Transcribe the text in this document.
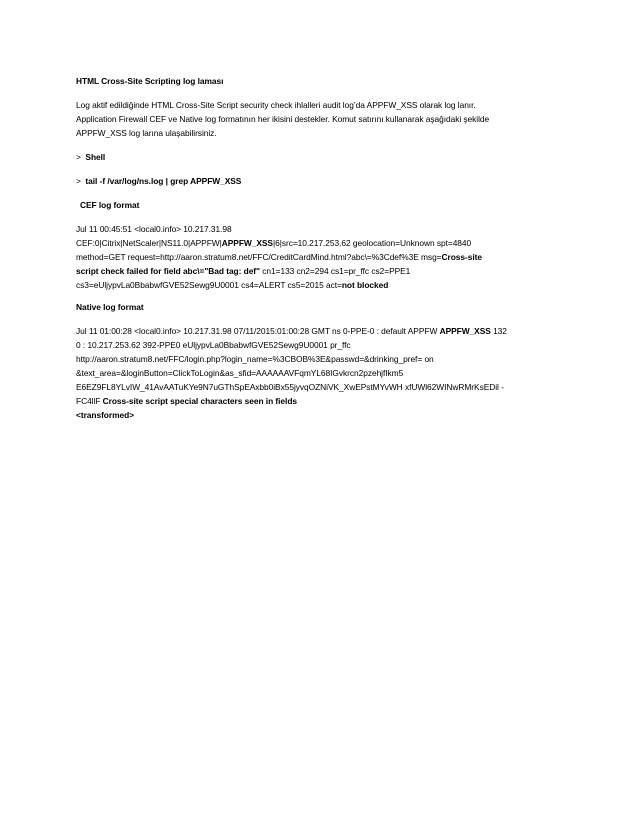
HTML Cross-Site Scripting log laması

Log aktif edildiğinde HTML Cross-Site Script security check ihlalleri audit log’da APPFW_XSS olarak log lanır.

Application Firewall CEF ve Native log formatının her ikisini destekler. Komut satırını kullanarak aşağıdaki şekilde

APPFW_XSS log larına ulaşabilirsiniz.

> Shell

> tail -f /var/log/ns.log | grep APPFW_XSS

CEF log format

Jul 11 00:45:51 <local0.info> 10.217.31.98

CEF:0|Citrix|NetScaler|NS11.0|APPFW|APPFW_XSS|6|src=10.217.253.62 geolocation=Unknown spt=4840

method=GET request=http://aaron.stratum8.net/FFC/CreditCardMind.html?abc\=%3Cdef%3E msg=Cross-site

script check failed for field abc\="Bad tag: def" cn1=133 cn2=294 cs1=pr_ffc cs2=PPE1

cs3=eUljypvLa0BbabwfGVE52Sewg9U0001 cs4=ALERT cs5=2015 act=not blocked

Native log format

Jul 11 01:00:28 <local0.info> 10.217.31.98 07/11/2015:01:00:28 GMT ns 0-PPE-0 : default APPFW APPFW_XSS 132

0 : 10.217.253.62 392-PPE0 eUljypvLa0BbabwfGVE52Sewg9U0001 pr_ffc

http://aaron.stratum8.net/FFC/login.php?login_name=%3CBOB%3E&passwd=&drinking_pref= on

&text_area=&loginButton=ClickToLogin&as_sfid=AAAAAAVFqmYL68IGvkrcn2pzehjfIkm5

E6EZ9FL8YLvIW_41AvAATuKYe9N7uGThSpEAxbb0iBx55jyvqOZNiVK_XwEPstMYvWH xfUWl62WINwRMrKsEDil -

FC4llF Cross-site script special characters seen in fields

<transformed>
